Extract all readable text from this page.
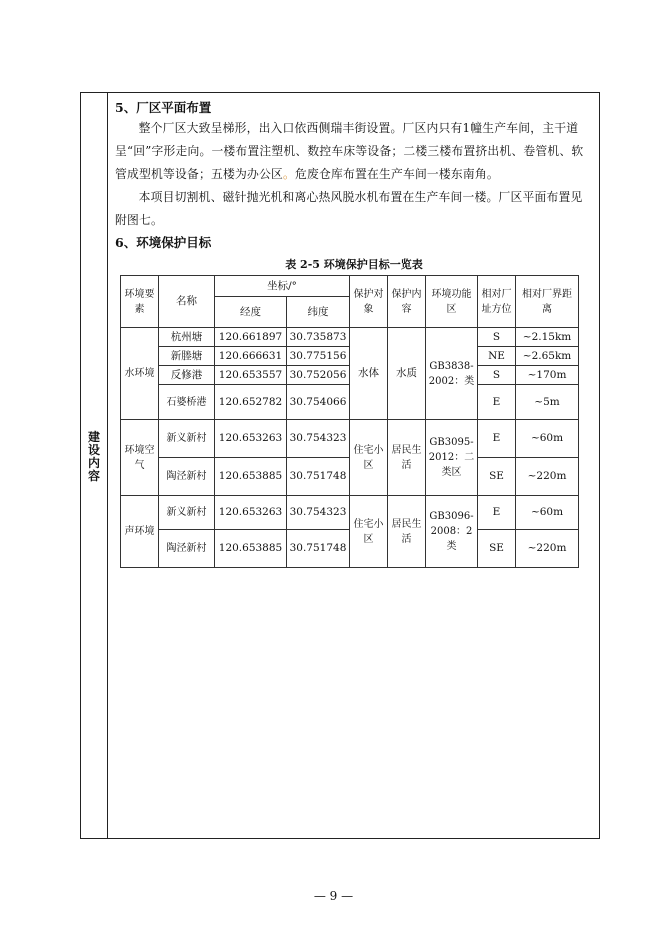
建
设
内
容

5、厂区平面布置

整个厂区大致呈梯形，出入口依西侧瑞丰街设置。厂区内只有1幢生产车间，主干道呈“回”字形走向。一楼布置注塑机、数控车床等设备；二楼三楼布置挤出机、卷管机、软管成型机等设备；五楼为办公区。危废仓库布置在生产车间一楼东南角。

本项目切割机、磁针抛光机和离心热风脱水机布置在生产车间一楼。厂区平面布置见附图七。

6、环境保护目标

表 2-5 环境保护目标一览表

环境要素	名称	坐标/°		保护对象	保护内容	环境功能区	相对厂址方位	相对厂界距离
		经度	纬度					
水环境	杭州塘	120.661897	30.735873	水体	水质	GB3838-2002：类	S	~2.15km
	新塍塘	120.666631	30.775156				NE	~2.65km
	反修港	120.653557	30.752056				S	~170m
	石婆桥港	120.652782	30.754066				E	~5m
环境空气	新义新村	120.653263	30.754323	住宅小区	居民生活	GB3095-2012：二类区	E	~60m
	陶泾新村	120.653885	30.751748				SE	~220m
声环境	新义新村	120.653263	30.754323	住宅小区	居民生活	GB3096-2008：2类	E	~60m
	陶泾新村	120.653885	30.751748				SE	~220m
— 9 —
